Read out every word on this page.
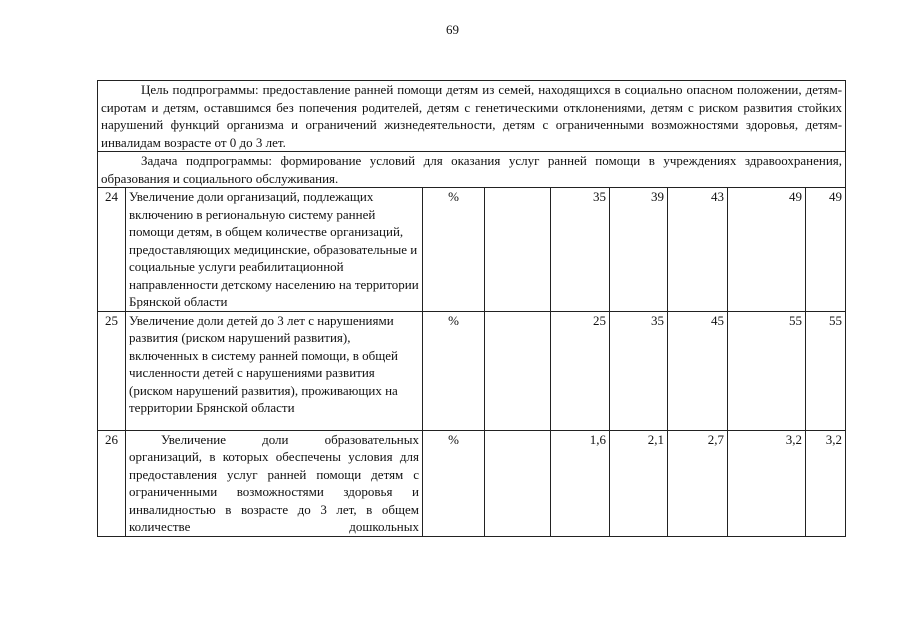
69
Цель подпрограммы: предоставление ранней помощи детям из семей, находящихся в социально опасном положении, детям-сиротам и детям, оставшимся без попечения родителей, детям с генетическими отклонениями, детям с риском развития стойких нарушений функций организма и ограничений жизнедеятельности, детям с ограниченными возможностями здоровья, детям-инвалидам возрасте от 0 до 3 лет.								
Задача подпрограммы: формирование условий для оказания услуг ранней помощи в учреждениях здравоохранения, образования и социального обслуживания.								
24	Увеличение доли организаций, подлежащих включению в региональную систему ранней помощи детям, в общем количестве организаций, предоставляющих медицинские, образовательные и социальные услуги реабилитационной направленности детскому населению на территории Брянской области	%		35	39	43	49	49
25	Увеличение доли детей до 3 лет с нарушениями развития (риском нарушений развития), включенных в систему ранней помощи, в общей численности детей с нарушениями развития (риском нарушений развития), проживающих на территории Брянской области	%		25	35	45	55	55
26	Увеличение доли образовательных организаций, в которых обеспечены условия для предоставления услуг ранней помощи детям с ограниченными возможностями здоровья и инвалидностью в возрасте до 3 лет, в общем количестве дошкольных	%		1,6	2,1	2,7	3,2	3,2
